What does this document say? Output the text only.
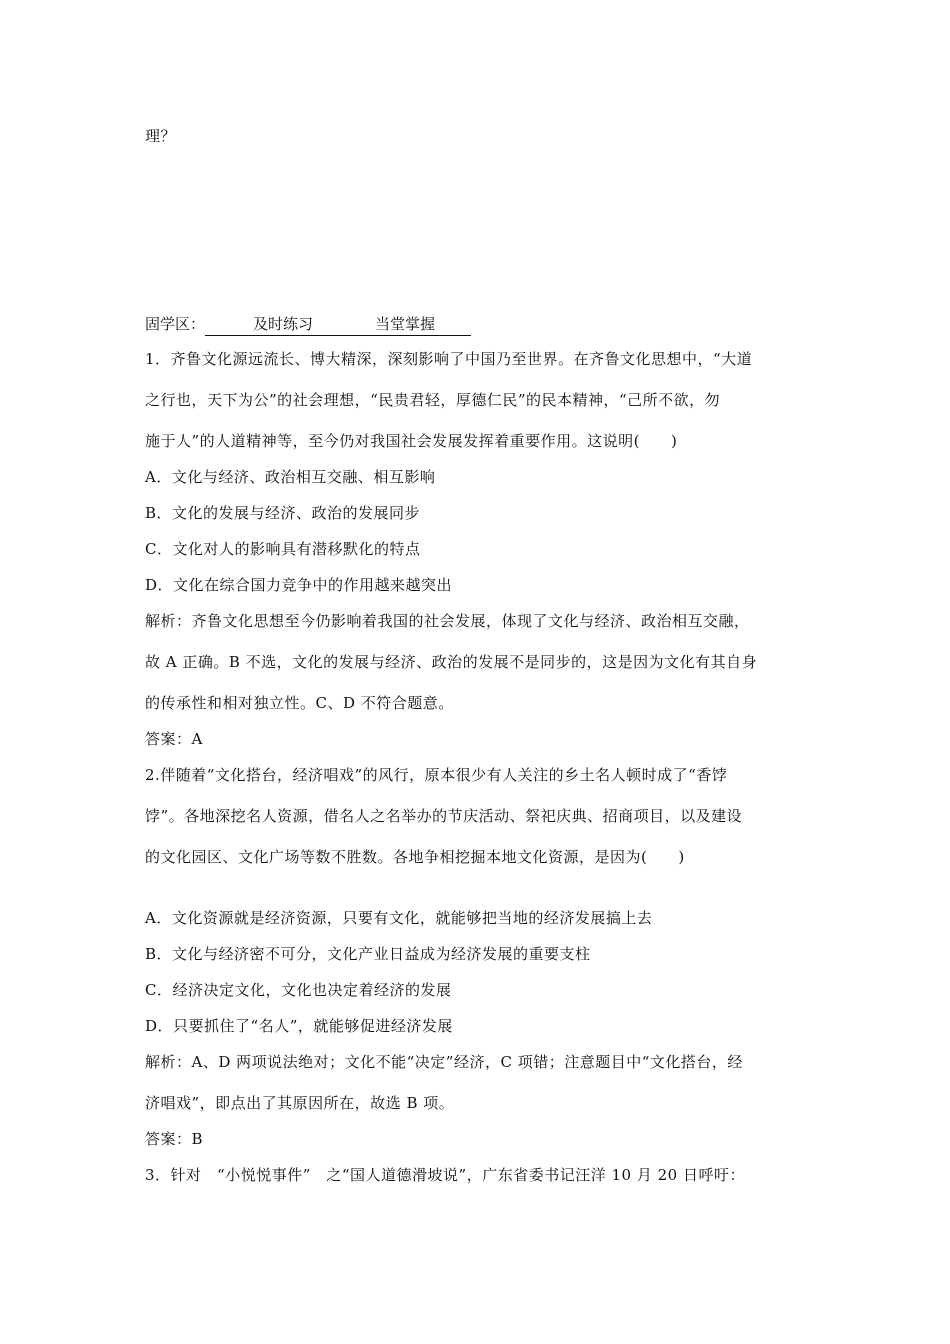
理？
固学区：	及时练习	当堂掌握
1．齐鲁文化源远流长、博大精深，深刻影响了中国乃至世界。在齐鲁文化思想中，“大道
之行也，天下为公”的社会理想，“民贵君轻，厚德仁民”的民本精神，“己所不欲，勿
施于人”的人道精神等，至今仍对我国社会发展发挥着重要作用。这说明(　　)
A．文化与经济、政治相互交融、相互影响
B．文化的发展与经济、政治的发展同步
C．文化对人的影响具有潜移默化的特点
D．文化在综合国力竞争中的作用越来越突出
解析：齐鲁文化思想至今仍影响着我国的社会发展，体现了文化与经济、政治相互交融，
故 A 正确。B 不选，文化的发展与经济、政治的发展不是同步的，这是因为文化有其自身
的传承性和相对独立性。C、D 不符合题意。
答案：A
2.伴随着“文化搭台，经济唱戏”的风行，原本很少有人关注的乡土名人顿时成了“香饽
饽”。各地深挖名人资源，借名人之名举办的节庆活动、祭祀庆典、招商项目，以及建设
的文化园区、文化广场等数不胜数。各地争相挖掘本地文化资源，是因为(　　)
A．文化资源就是经济资源，只要有文化，就能够把当地的经济发展搞上去
B．文化与经济密不可分，文化产业日益成为经济发展的重要支柱
C．经济决定文化，文化也决定着经济的发展
D．只要抓住了“名人”，就能够促进经济发展
解析：A、D 两项说法绝对；文化不能“决定”经济，C 项错；注意题目中“文化搭台，经
济唱戏”，即点出了其原因所在，故选 B 项。
答案：B
3．针对　“小悦悦事件”　之“国人道德滑坡说”，广东省委书记汪洋 10 月 20 日呼吁：
